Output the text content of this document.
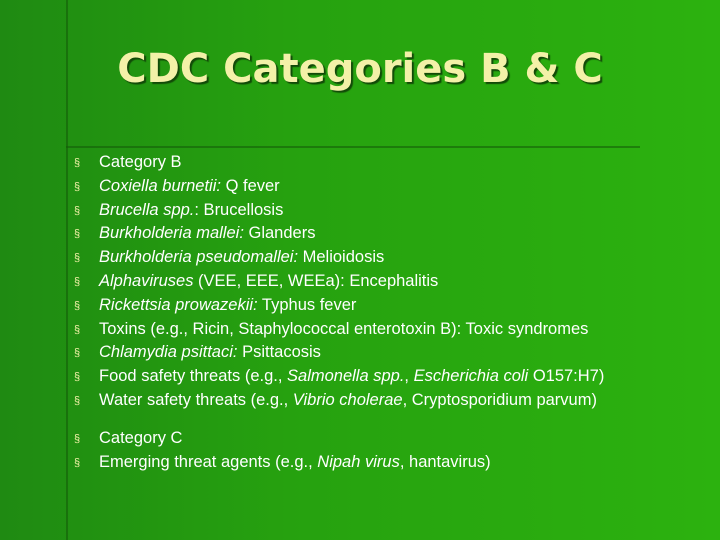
CDC Categories B & C
§	Category B
§	Coxiella burnetii: Q fever
§	Brucella spp.: Brucellosis
§	Burkholderia mallei: Glanders
§	Burkholderia pseudomallei: Melioidosis
§	Alphaviruses (VEE, EEE, WEEa): Encephalitis
§	Rickettsia prowazekii: Typhus fever
§	Toxins (e.g., Ricin, Staphylococcal enterotoxin B): Toxic syndromes
§	Chlamydia psittaci: Psittacosis
§	Food safety threats (e.g., Salmonella spp., Escherichia coli O157:H7)
§	Water safety threats (e.g., Vibrio cholerae, Cryptosporidium parvum)
§	Category C
§	Emerging threat agents (e.g., Nipah virus, hantavirus)
